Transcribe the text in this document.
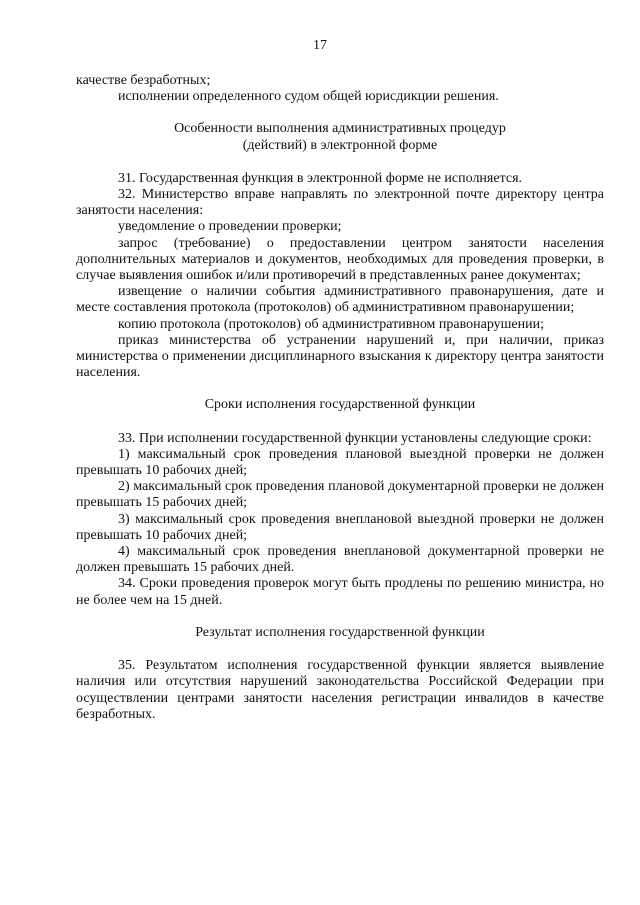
17

качестве безработных;

исполнении определенного судом общей юрисдикции решения.

Особенности выполнения административных процедур
(действий) в электронной форме

31. Государственная функция в электронной форме не исполняется.

32. Министерство вправе направлять по электронной почте директору центра занятости населения:

уведомление о проведении проверки;

запрос (требование) о предоставлении центром занятости населения дополнительных материалов и документов, необходимых для проведения проверки, в случае выявления ошибок и/или противоречий в представленных ранее документах;

извещение о наличии события административного правонарушения, дате и месте составления протокола (протоколов) об административном правонарушении;

копию протокола (протоколов) об административном правонарушении;

приказ министерства об устранении нарушений и, при наличии, приказ министерства о применении дисциплинарного взыскания к директору центра занятости населения.

Сроки исполнения государственной функции

33. При исполнении государственной функции установлены следующие сроки:

1) максимальный срок проведения плановой выездной проверки не должен превышать 10 рабочих дней;

2) максимальный срок проведения плановой документарной проверки не должен превышать 15 рабочих дней;

3) максимальный срок проведения внеплановой выездной проверки не должен превышать 10 рабочих дней;

4) максимальный срок проведения внеплановой документарной проверки не должен превышать 15 рабочих дней.

34. Сроки проведения проверок могут быть продлены по решению министра, но не более чем на 15 дней.

Результат исполнения государственной функции

35. Результатом исполнения государственной функции является выявление наличия или отсутствия нарушений законодательства Российской Федерации при осуществлении центрами занятости населения регистрации инвалидов в качестве безработных.
